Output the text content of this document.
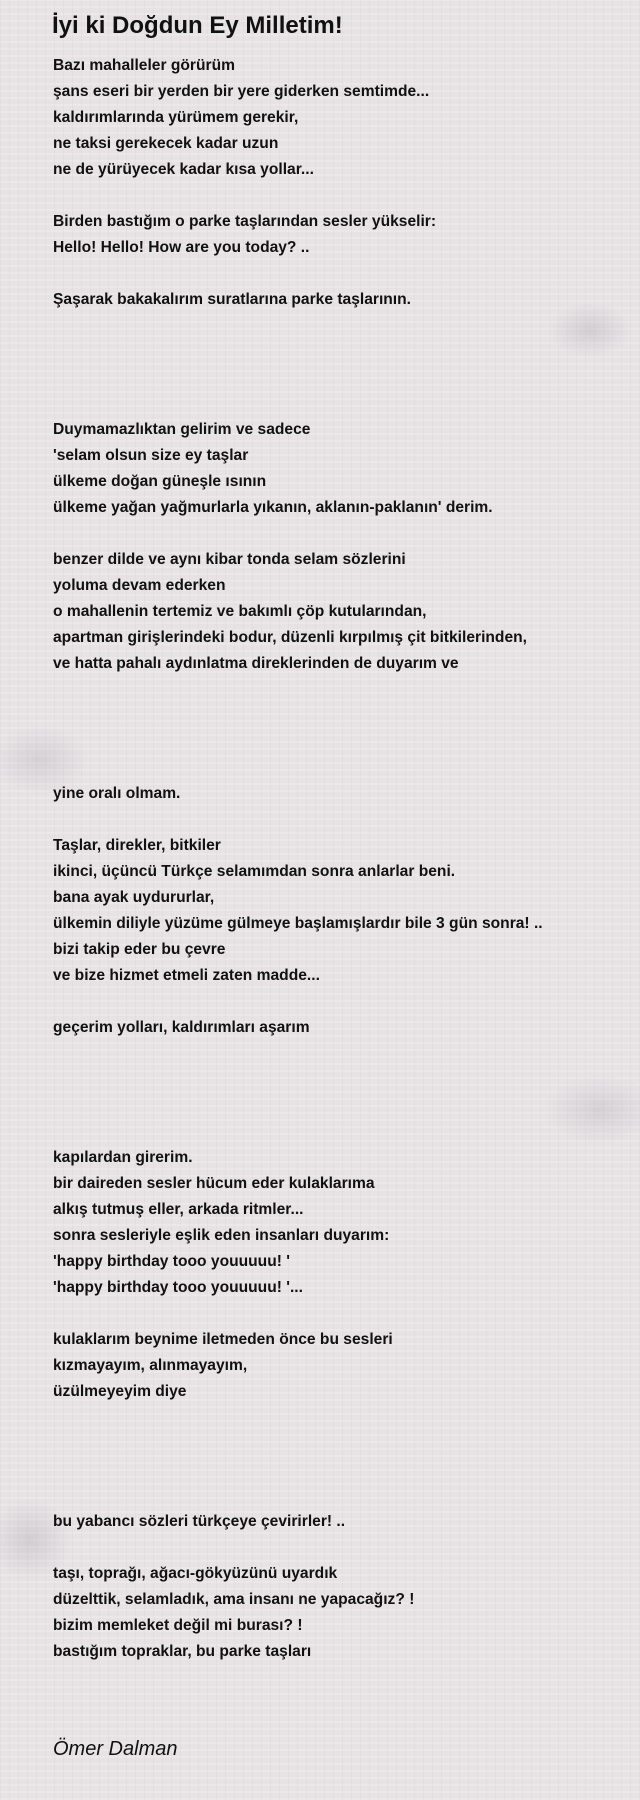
İyi ki Doğdun Ey Milletim!
Bazı mahalleler görürüm
şans eseri bir yerden bir yere giderken semtimde...
kaldırımlarında yürümem gerekir,
ne taksi gerekecek kadar uzun
ne de yürüyecek kadar kısa yollar...
Birden bastığım o parke taşlarından sesler yükselir:
Hello! Hello! How are you today? ..
Şaşarak bakakalırım suratlarına parke taşlarının.
Duymamazlıktan gelirim ve sadece
'selam olsun size ey taşlar
ülkeme doğan güneşle ısının
ülkeme yağan yağmurlarla yıkanın, aklanın-paklanın' derim.
benzer dilde ve aynı kibar tonda selam sözlerini
yoluma devam ederken
o mahallenin tertemiz ve bakımlı çöp kutularından,
apartman girişlerindeki bodur, düzenli kırpılmış çit bitkilerinden,
ve hatta pahalı aydınlatma direklerinden de duyarım ve
yine oralı olmam.
Taşlar, direkler, bitkiler
ikinci, üçüncü Türkçe selamımdan sonra anlarlar beni.
bana ayak uydururlar,
ülkemin diliyle yüzüme gülmeye başlamışlardır bile 3 gün sonra! ..
bizi takip eder bu çevre
ve bize hizmet etmeli zaten madde...
geçerim yolları, kaldırımları aşarım
kapılardan girerim.
bir daireden sesler hücum eder kulaklarıma
alkış tutmuş eller, arkada ritmler...
sonra sesleriyle eşlik eden insanları duyarım:
'happy birthday tooo youuuuu! '
'happy birthday tooo youuuuu! '...
kulaklarım beynime iletmeden önce bu sesleri
kızmayayım, alınmayayım,
üzülmeyeyim diye
bu yabancı sözleri türkçeye çevirirler! ..
taşı, toprağı, ağacı-gökyüzünü uyardık
düzelttik, selamladık, ama insanı ne yapacağız? !
bizim memleket değil mi burası? !
bastığım topraklar, bu parke taşları
Ömer Dalman
